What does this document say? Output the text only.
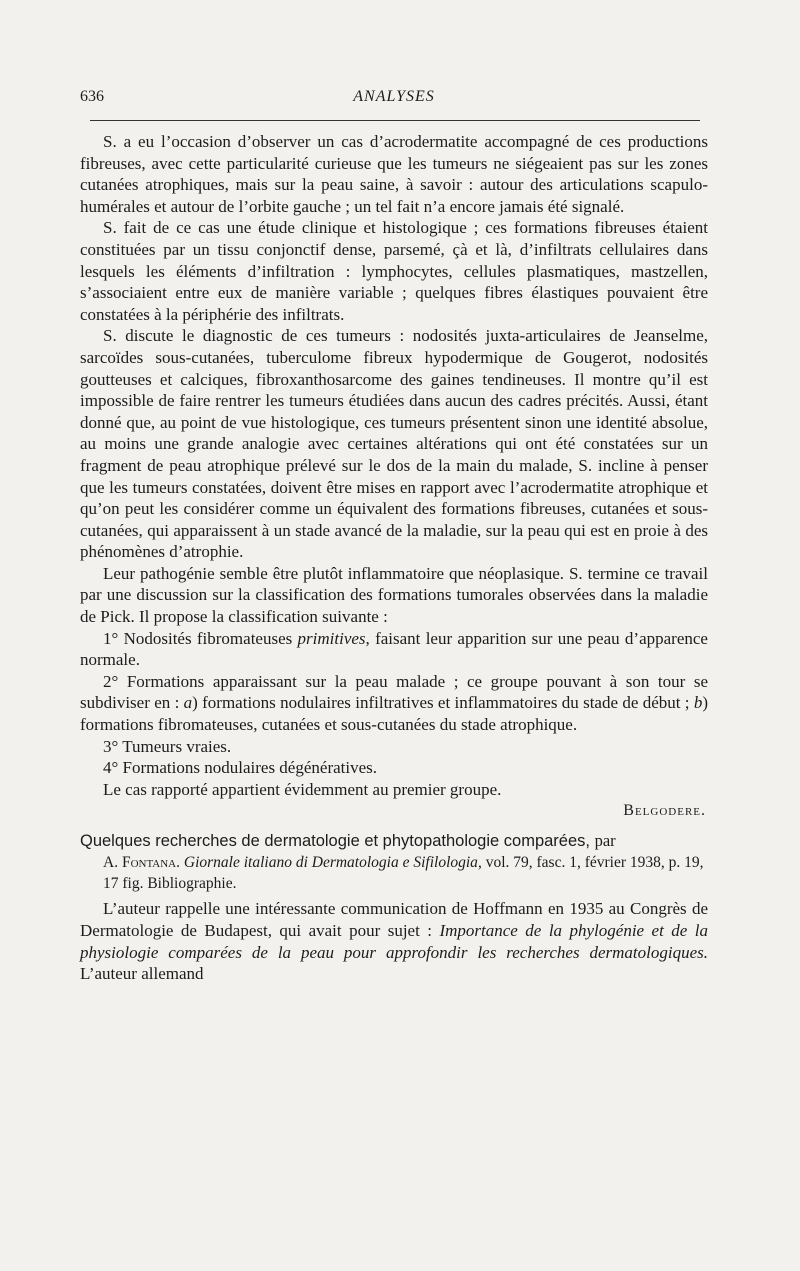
636	ANALYSES

S. a eu l’occasion d’observer un cas d’acrodermatite accompagné de ces productions fibreuses, avec cette particularité curieuse que les tumeurs ne siégeaient pas sur les zones cutanées atrophiques, mais sur la peau saine, à savoir : autour des articulations scapulo-humérales et autour de l’orbite gauche ; un tel fait n’a encore jamais été signalé.

S. fait de ce cas une étude clinique et histologique ; ces formations fibreuses étaient constituées par un tissu conjonctif dense, parsemé, çà et là, d’infiltrats cellulaires dans lesquels les éléments d’infiltration : lymphocytes, cellules plasmatiques, mastzellen, s’associaient entre eux de manière variable ; quelques fibres élastiques pouvaient être constatées à la périphérie des infiltrats.

S. discute le diagnostic de ces tumeurs : nodosités juxta-articulaires de Jeanselme, sarcoïdes sous-cutanées, tuberculome fibreux hypodermique de Gougerot, nodosités goutteuses et calciques, fibroxanthosarcome des gaines tendineuses. Il montre qu’il est impossible de faire rentrer les tumeurs étudiées dans aucun des cadres précités. Aussi, étant donné que, au point de vue histologique, ces tumeurs présentent sinon une identité absolue, au moins une grande analogie avec certaines altérations qui ont été constatées sur un fragment de peau atrophique prélevé sur le dos de la main du malade, S. incline à penser que les tumeurs constatées, doivent être mises en rapport avec l’acrodermatite atrophique et qu’on peut les considérer comme un équivalent des formations fibreuses, cutanées et sous-cutanées, qui apparaissent à un stade avancé de la maladie, sur la peau qui est en proie à des phénomènes d’atrophie.

Leur pathogénie semble être plutôt inflammatoire que néoplasique. S. termine ce travail par une discussion sur la classification des formations tumorales observées dans la maladie de Pick. Il propose la classification suivante :

1° Nodosités fibromateuses primitives, faisant leur apparition sur une peau d’apparence normale.

2° Formations apparaissant sur la peau malade ; ce groupe pouvant à son tour se subdiviser en : a) formations nodulaires infiltratives et inflammatoires du stade de début ; b) formations fibromateuses, cutanées et sous-cutanées du stade atrophique.

3° Tumeurs vraies.

4° Formations nodulaires dégénératives.

Le cas rapporté appartient évidemment au premier groupe.

Belgodere.
Quelques recherches de dermatologie et phytopathologie comparées, par

A. Fontana. Giornale italiano di Dermatologia e Sifilologia, vol. 79, fasc. 1, février 1938, p. 19, 17 fig. Bibliographie.

L’auteur rappelle une intéressante communication de Hoffmann en 1935 au Congrès de Dermatologie de Budapest, qui avait pour sujet : Importance de la phylogénie et de la physiologie comparées de la peau pour approfondir les recherches dermatologiques. L’auteur allemand
